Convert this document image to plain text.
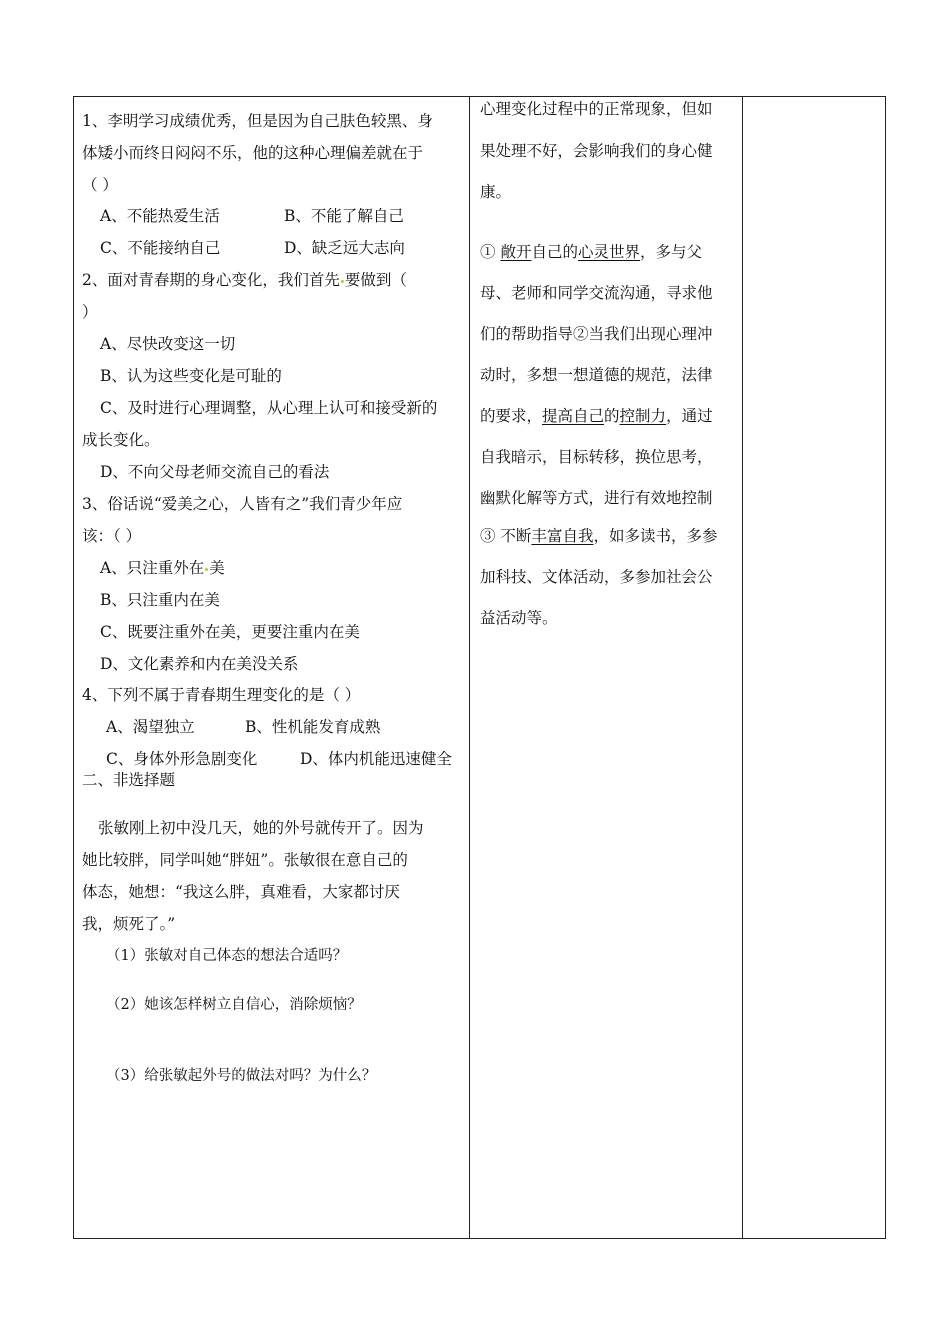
1、李明学习成绩优秀，但是因为自己肤色较黑、身
体矮小而终日闷闷不乐，他的这种心理偏差就在于
（ ）
A、不能热爱生活	B、不能了解自己
C、不能接纳自己	D、缺乏远大志向
2、面对青春期的身心变化，我们首先 要做到（
）
A、尽快改变这一切
B、认为这些变化是可耻的
C、及时进行心理调整，从心理上认可和接受新的
成长变化。
D、不向父母老师交流自己的看法
3、俗话说“爱美之心，人皆有之”我们青少年应
该：（ ）
A、只注重外在 美
B、只注重内在美
C、既要注重外在美，更要注重内在美
D、文化素养和内在美没关系
4、下列不属于青春期生理变化的是（ ）
A、渴望独立	B、性机能发育成熟
C、身体外形急剧变化	D、体内机能迅速健全
二、非选择题
张敏刚上初中没几天，她的外号就传开了。因为
她比较胖，同学叫她“胖妞”。张敏很在意自己的
体态，她想：“我这么胖，真难看，大家都讨厌
我，烦死了。”
（1）张敏对自己体态的想法合适吗？
（2）她该怎样树立自信心，消除烦恼？
（3）给张敏起外号的做法对吗？为什么？
心理变化过程中的正常现象，但如
果处理不好，会影响我们的身心健
康。
① 敞开自己的心灵世界，多与父
母、老师和同学交流沟通，寻求他
们的帮助指导②当我们出现心理冲
动时，多想一想道德的规范，法律
的要求，提高自己的控制力，通过
自我暗示，目标转移，换位思考，
幽默化解等方式，进行有效地控制
③ 不断丰富自我，如多读书，多参
加科技、文体活动，多参加社会公
益活动等。
